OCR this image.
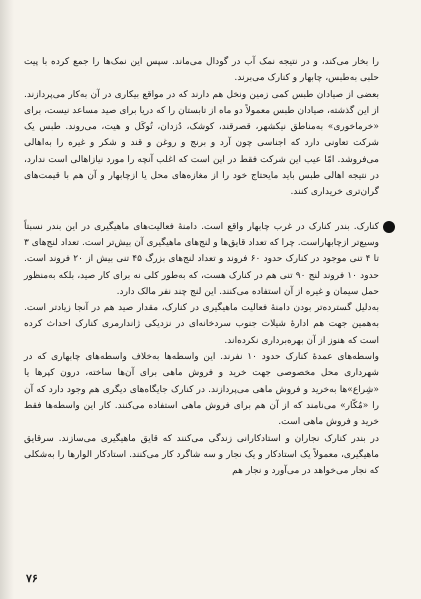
را بخار می‌کند، و در نتیجه نمک آب در گودال می‌ماند. سپس این نمک‌ها را جمع کرده با پیت حلبی به‌طبس، چابهار و کنارک می‌برند.

بعضی از صیادان طبس کمی زمین ونخل هم دارند که در مواقع بیکاری در آن به‌کار می‌پردازند. از این گذشته، صیادان طبس معمولاً دو ماه از تابستان را که دریا برای صید مساعد نیست، برای «خرماخوری» به‌مناطق نیکشهر، قصرقند، کوشک، دُزدان، تُوکَل و هیت، می‌روند. طبس یک شرکت تعاونی دارد که اجناسی چون آرد و برنج و روغن و قند و شکر و غیره را به‌اهالی می‌فروشد. امّا عیب این شرکت فقط در این است که اغلب آنچه را مورد نیازاهالی است ندارد، در نتیجه اهالی طبس باید مایحتاج خود را از مغازه‌های محل یا ازچابهار و آن هم با قیمت‌های گران‌تری خریداری کنند.

کنارک. بندر کنارک در غرب چابهار واقع است. دامنهٔ فعالیت‌های ماهیگیری در این بندر نسبتاً وسیع‌تر ازچابهاراست. چرا که تعداد قایق‌ها و لنج‌های ماهیگیری آن بیش‌تر است. تعداد لنج‌های ۳ تا ۴ تنی موجود در کنارک حدود ۶۰ فروند و تعداد لنج‌های بزرگ ۴۵ تنی بیش از ۲۰ فروند است. حدود ۱۰ فروند لنج ۹۰ تنی هم در کنارک هست، که به‌طور کلی نه برای کار صید، بلکه به‌منظور حمل سیمان و غیره از آن استفاده می‌کنند. این لنج چند نفر مالک دارد.

به‌دلیل گسترده‌تر بودن دامنهٔ فعالیت ماهیگیری در کنارک، مقدار صید هم در آنجا زیادتر است. به‌همین جهت هم ادارهٔ شیلات جنوب سردخانه‌ای در نزدیکی ژاندارمری کنارک احداث کرده است که هنوز از آن بهره‌برداری نکرده‌اند.

واسطه‌های عمدهٔ کنارک حدود ۱۰ نفرند. این واسطه‌ها به‌خلاف واسطه‌های چابهاری که در شهرداری محل مخصوصی جهت خرید و فروش ماهی برای آن‌ها ساخته، درون کپرها یا «شِراع‌»ها به‌خرید و فروش ماهی می‌پردازند. در کنارک جایگاه‌های دیگری هم وجود دارد که آن را «مُکّار» می‌نامند که از آن هم برای فروش ماهی استفاده می‌کنند. کار این واسطه‌ها فقط خرید و فروش ماهی است.

در بندر کنارک نجاران و استادکارانی زندگی می‌کنند که قایق ماهیگیری می‌سازند. سرقایق ماهیگیری، معمولاً یک استادکار و یک نجار و سه شاگرد کار می‌کنند. استادکار الوارها را به‌شکلی که نجار می‌خواهد در می‌آورد و نجار هم

۷۶
